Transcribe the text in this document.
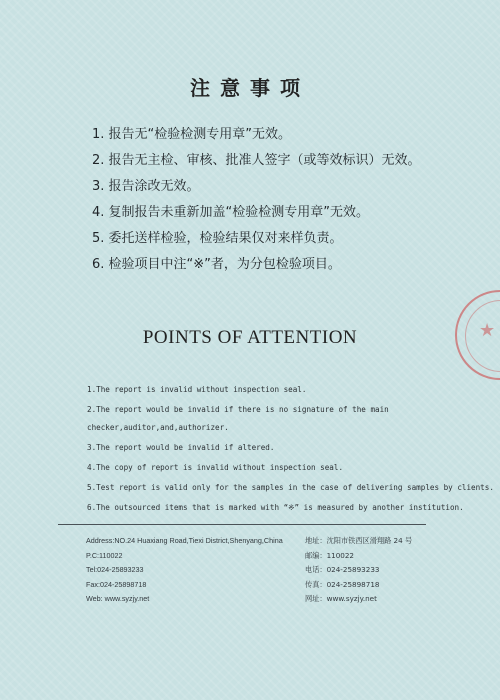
注意事项
1. 报告无“检验检测专用章”无效。
2. 报告无主检、审核、批准人签字（或等效标识）无效。
3. 报告涂改无效。
4. 复制报告未重新加盖“检验检测专用章”无效。
5. 委托送样检验，检验结果仅对来样负责。
6. 检验项目中注“※”者，为分包检验项目。
POINTS OF ATTENTION
1.The report is invalid without inspection seal.
2.The report would be invalid if there is no signature of the main
checker,auditor,and,authorizer.
3.The report would be invalid if altered.
4.The copy of report is invalid without inspection seal.
5.Test report is valid only for the samples in the case of delivering samples by clients.
6.The outsourced items that is marked with “※” is measured by another institution.
Address:NO.24 Huaxiang Road,Tiexi District,Shenyang,China
P.C:110022
Tel:024-25893233
Fax:024-25898718
Web: www.syzjy.net
地址：沈阳市铁西区滑翔路 24 号
邮编：110022
电话：024-25893233
传真：024-25898718
网址：www.syzjy.net
★
